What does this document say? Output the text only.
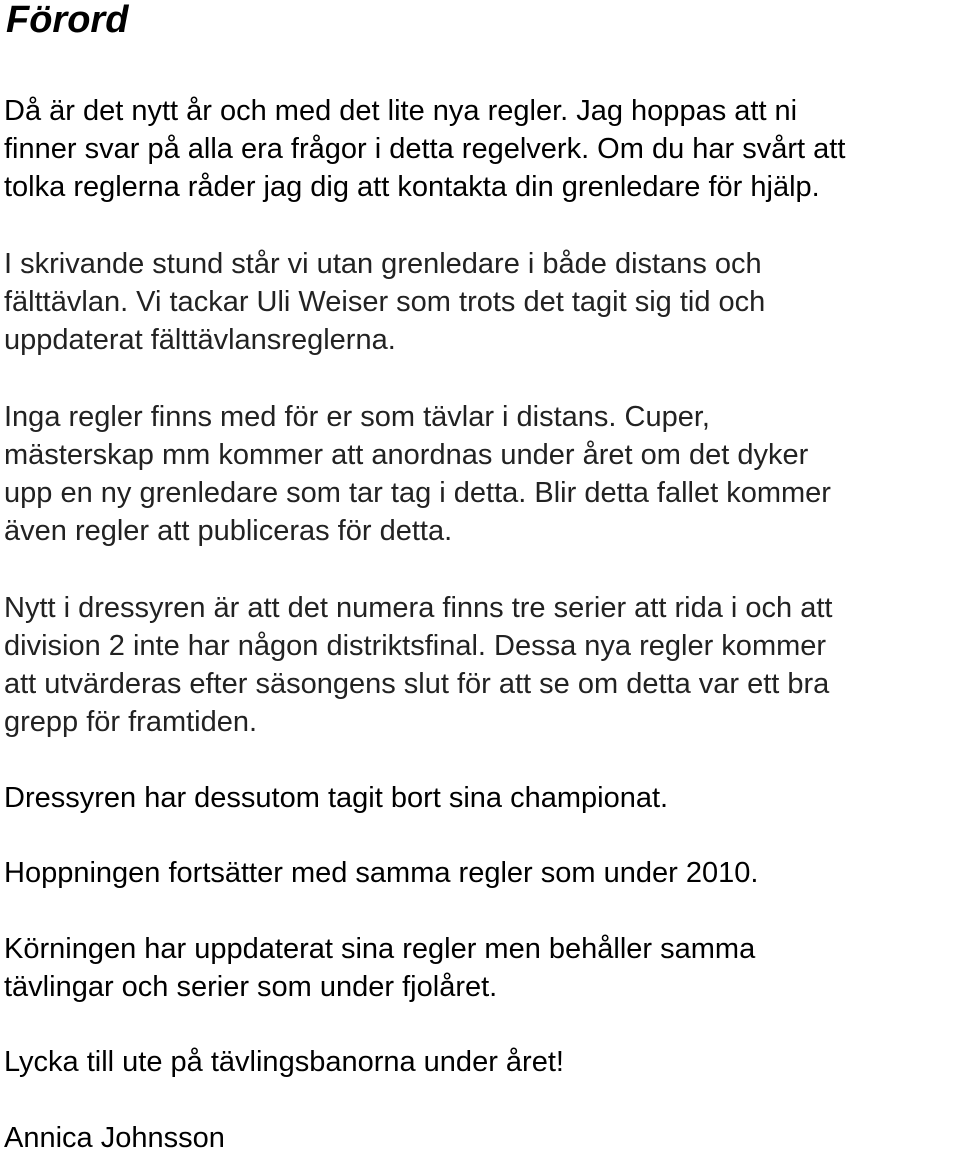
Förord

Då är det nytt år och med det lite nya regler. Jag hoppas att ni
finner svar på alla era frågor i detta regelverk. Om du har svårt att
tolka reglerna råder jag dig att kontakta din grenledare för hjälp.

I skrivande stund står vi utan grenledare i både distans och
fälttävlan. Vi tackar Uli Weiser som trots det tagit sig tid och
uppdaterat fälttävlansreglerna.

Inga regler finns med för er som tävlar i distans. Cuper,
mästerskap mm kommer att anordnas under året om det dyker
upp en ny grenledare som tar tag i detta. Blir detta fallet kommer
även regler att publiceras för detta.

Nytt i dressyren är att det numera finns tre serier att rida i och att
division 2 inte har någon distriktsfinal. Dessa nya regler kommer
att utvärderas efter säsongens slut för att se om detta var ett bra
grepp för framtiden.

Dressyren har dessutom tagit bort sina championat.

Hoppningen fortsätter med samma regler som under 2010.

Körningen har uppdaterat sina regler men behåller samma
tävlingar och serier som under fjolåret.

Lycka till ute på tävlingsbanorna under året!

Annica Johnsson
